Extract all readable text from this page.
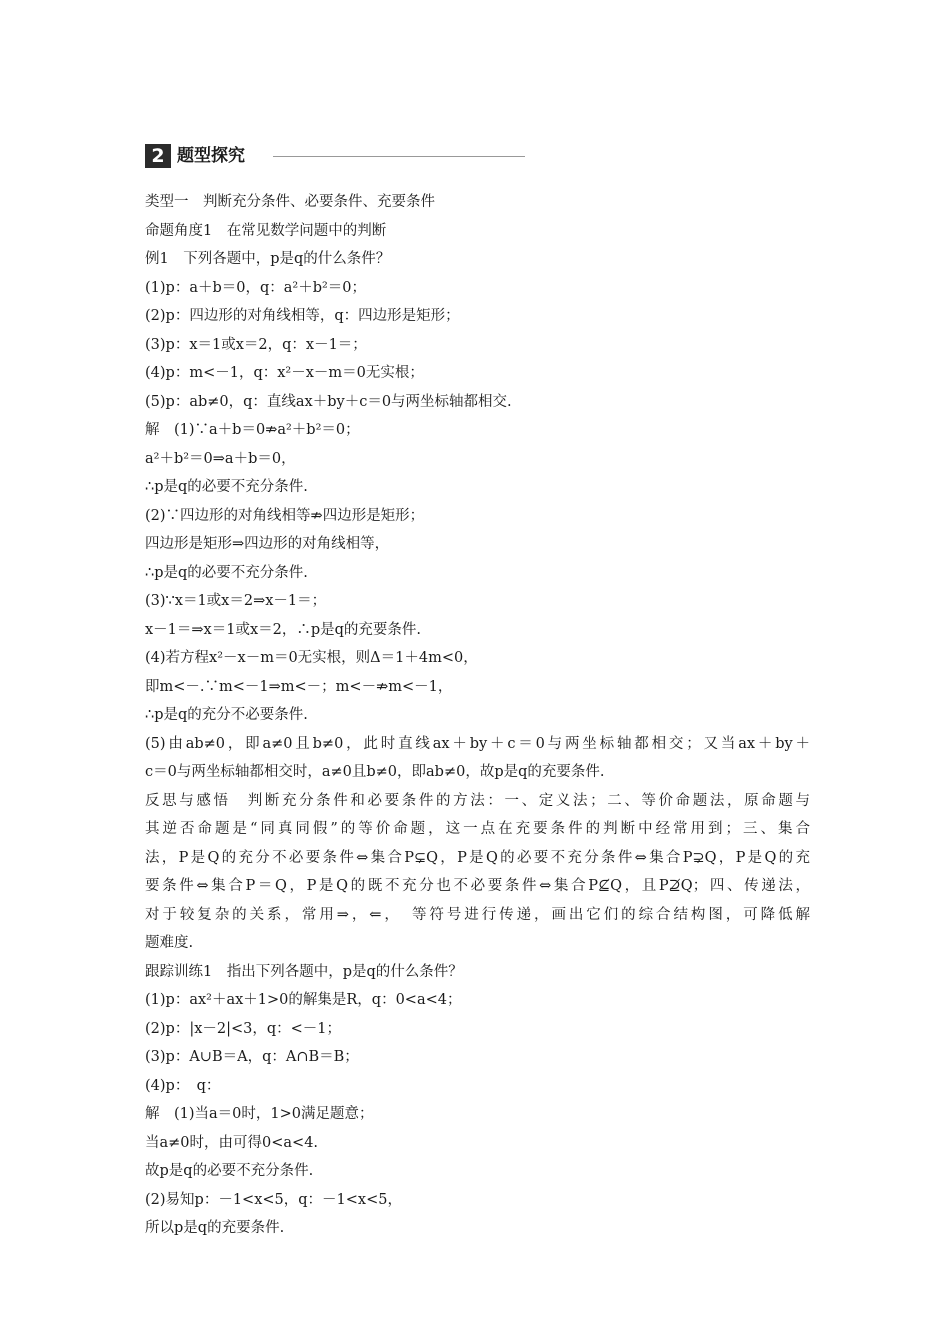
2 题型探究
类型一　判断充分条件、必要条件、充要条件
命题角度1　在常见数学问题中的判断
例1　下列各题中，p是q的什么条件？
(1)p：a＋b＝0，q：a²＋b²＝0；
(2)p：四边形的对角线相等，q：四边形是矩形；
(3)p：x＝1或x＝2，q：x－1＝；
(4)p：m<－1，q：x²－x－m＝0无实根；
(5)p：ab≠0，q：直线ax＋by＋c＝0与两坐标轴都相交.
解　(1)∵a＋b＝0⇏a²＋b²＝0；
a²＋b²＝0⇒a＋b＝0，
∴p是q的必要不充分条件.
(2)∵四边形的对角线相等⇏四边形是矩形；
四边形是矩形⇒四边形的对角线相等，
∴p是q的必要不充分条件.
(3)∵x＝1或x＝2⇒x－1＝；
x－1＝⇒x＝1或x＝2，∴p是q的充要条件.
(4)若方程x²－x－m＝0无实根，则Δ＝1＋4m<0，
即m<－.∵m<－1⇒m<－；m<－⇏m<－1，
∴p是q的充分不必要条件.
(5)由ab≠0，即a≠0且b≠0，此时直线ax＋by＋c＝0与两坐标轴都相交；又当ax＋by＋
c＝0与两坐标轴都相交时，a≠0且b≠0，即ab≠0，故p是q的充要条件.
反思与感悟　判断充分条件和必要条件的方法：一、定义法；二、等价命题法，原命题与
其逆否命题是“同真同假”的等价命题，这一点在充要条件的判断中经常用到；三、集合
法，P是Q的充分不必要条件⇔集合P⊊Q，P是Q的必要不充分条件⇔集合P⊋Q，P是Q的充
要条件⇔集合P＝Q，P是Q的既不充分也不必要条件⇔集合P⊈Q，且P⊉Q；四、传递法，
对于较复杂的关系，常用⇒，⇐，　等符号进行传递，画出它们的综合结构图，可降低解
题难度.
跟踪训练1　指出下列各题中，p是q的什么条件？
(1)p：ax²＋ax＋1>0的解集是R，q：0<a<4；
(2)p：|x－2|<3，q：<－1；
(3)p：A∪B＝A，q：A∩B＝B；
(4)p：　q：
解　(1)当a＝0时，1>0满足题意；
当a≠0时，由可得0<a<4.
故p是q的必要不充分条件.
(2)易知p：－1<x<5，q：－1<x<5，
所以p是q的充要条件.
